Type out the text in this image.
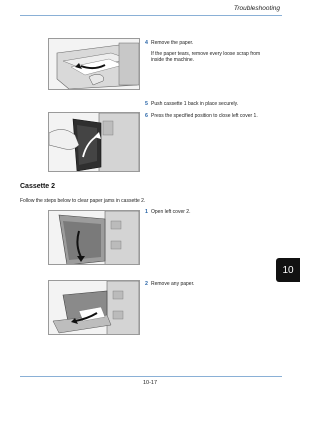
Troubleshooting
4 Remove the paper.
If the paper tears, remove every loose scrap from inside the machine.
5 Push cassette 1 back in place securely.
6 Press the specified position to close left cover 1.
Cassette 2
Follow the steps below to clear paper jams in cassette 2.
1 Open left cover 2.
2 Remove any paper.
10
10-17
